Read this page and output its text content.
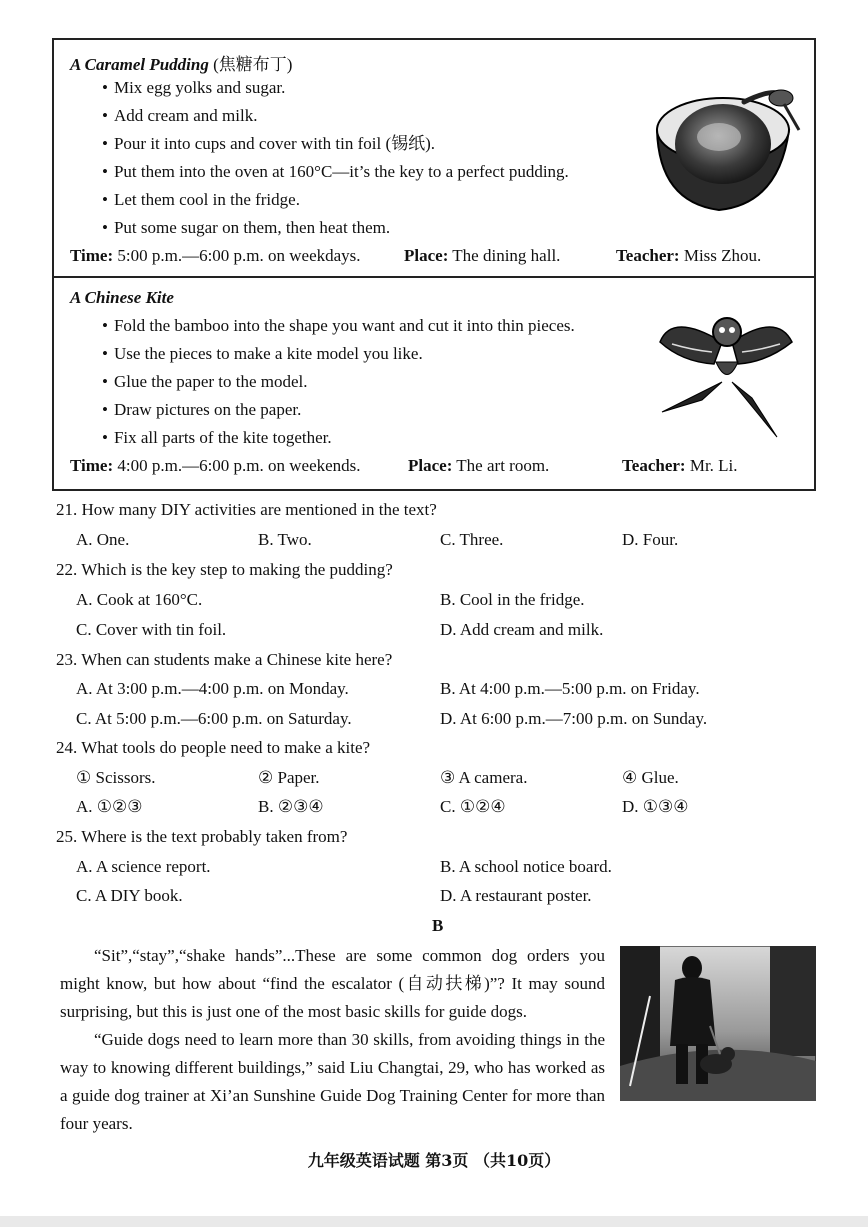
A Caramel Pudding (焦糖布丁)
• Mix egg yolks and sugar.
• Add cream and milk.
• Pour it into cups and cover with tin foil (锡纸).
• Put them into the oven at 160°C—it’s the key to a perfect pudding.
• Let them cool in the fridge.
• Put some sugar on them, then heat them.
Time: 5:00 p.m.—6:00 p.m. on weekdays.	Place: The dining hall.	Teacher: Miss Zhou.
A Chinese Kite
• Fold the bamboo into the shape you want and cut it into thin pieces.
• Use the pieces to make a kite model you like.
• Glue the paper to the model.
• Draw pictures on the paper.
• Fix all parts of the kite together.
Time: 4:00 p.m.—6:00 p.m. on weekends.	Place: The art room.	Teacher: Mr. Li.
21. How many DIY activities are mentioned in the text?
A. One.	B. Two.	C. Three.	D. Four.
22. Which is the key step to making the pudding?
A. Cook at 160°C.	B. Cool in the fridge.
C. Cover with tin foil.	D. Add cream and milk.
23. When can students make a Chinese kite here?
A. At 3:00 p.m.—4:00 p.m. on Monday.	B. At 4:00 p.m.—5:00 p.m. on Friday.
C. At 5:00 p.m.—6:00 p.m. on Saturday.	D. At 6:00 p.m.—7:00 p.m. on Sunday.
24. What tools do people need to make a kite?
① Scissors.	② Paper.	③ A camera.	④ Glue.
A. ①②③	B. ②③④	C. ①②④	D. ①③④
25. Where is the text probably taken from?
A. A science report.	B. A school notice board.
C. A DIY book.	D. A restaurant poster.
B

“Sit”,“stay”,“shake hands”...These are some common dog orders you might know, but how about “find the escalator (自动扶梯)”? It may sound surprising, but this is just one of the most basic skills for guide dogs.

“Guide dogs need to learn more than 30 skills, from avoiding things in the way to knowing different buildings,” said Liu Changtai, 29, who has worked as a guide dog trainer at Xi’an Sunshine Guide Dog Training Center for more than four years.

九年级英语试题 第3页 （共10页）
